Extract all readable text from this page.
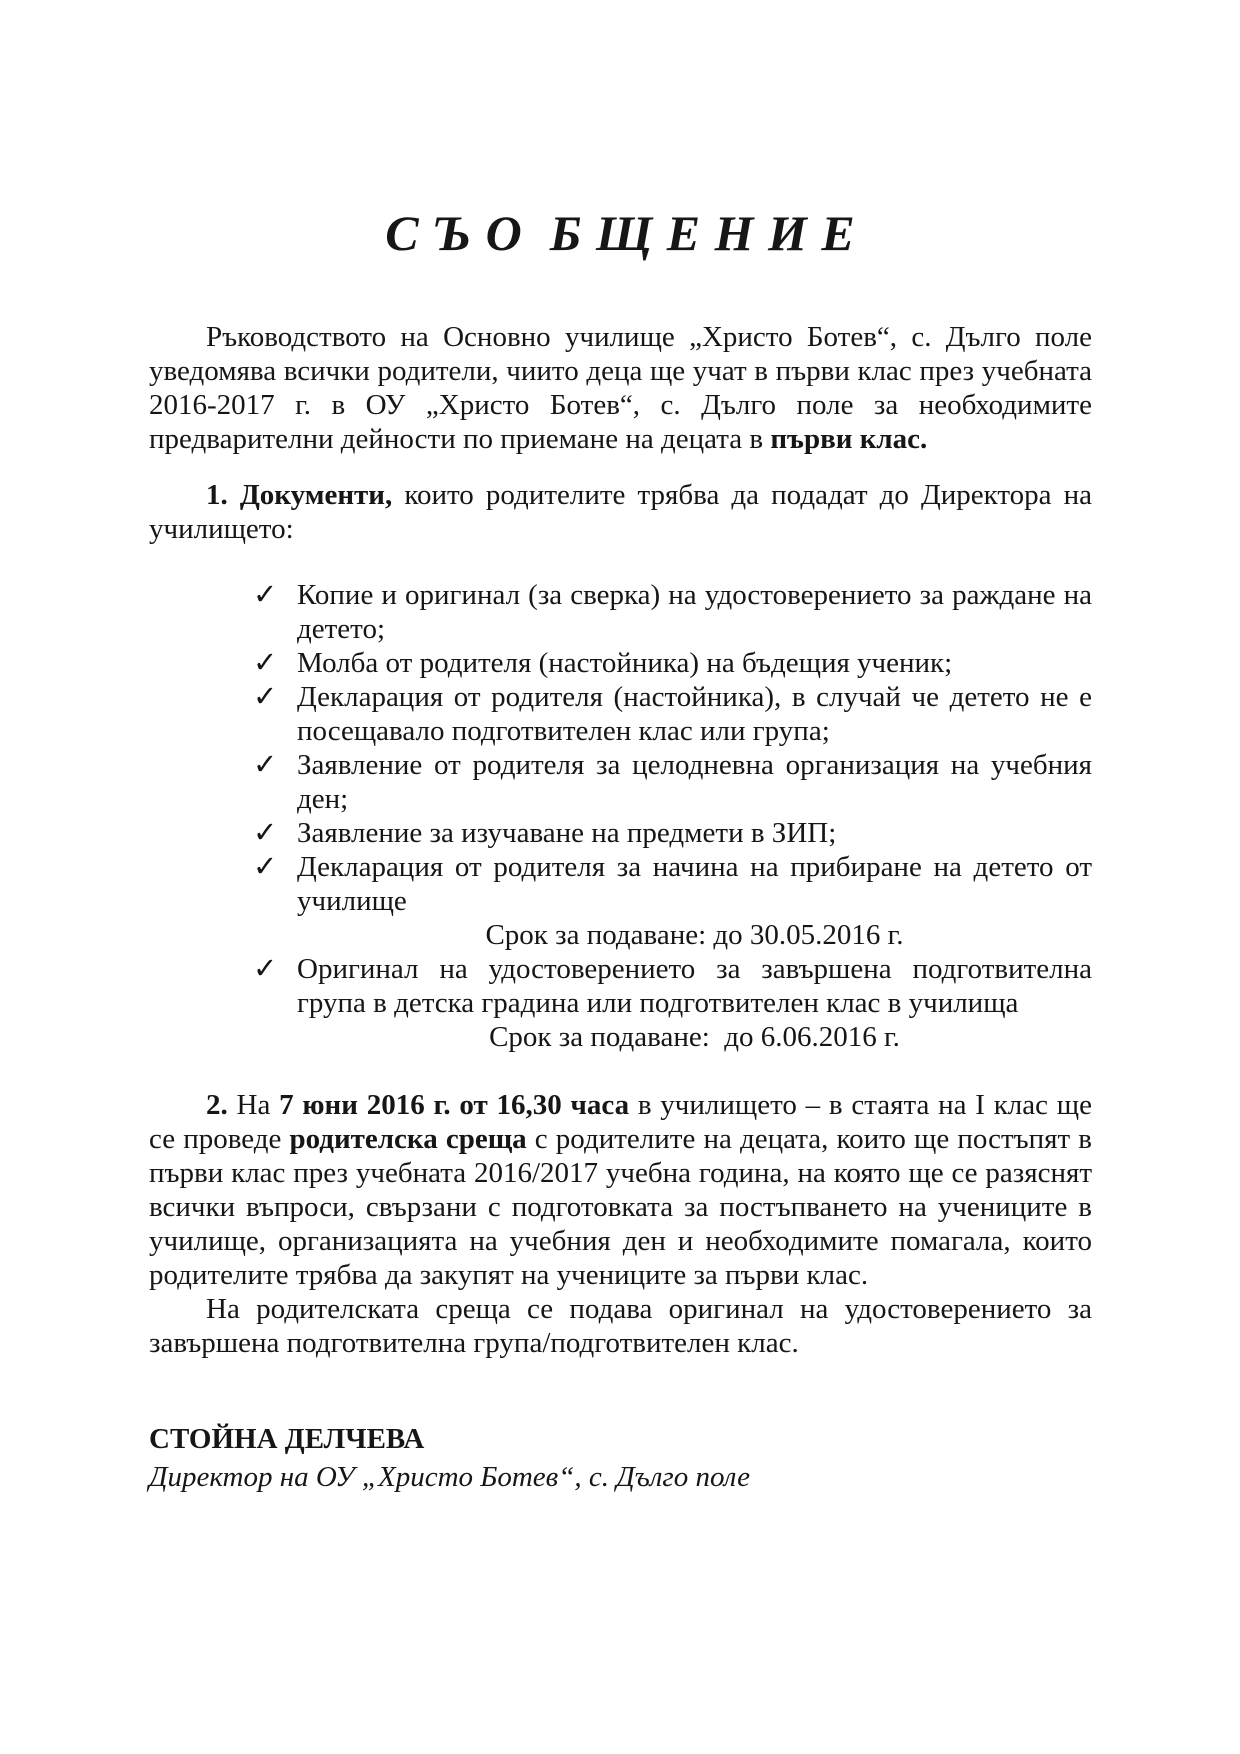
С Ъ О  Б Щ Е Н И Е

Ръководството на Основно училище „Христо Ботев“, с. Дълго поле уведомява всички родители, чиито деца ще учат в първи клас през учебната 2016-2017 г. в ОУ „Христо Ботев“, с. Дълго поле за необходимите предварителни дейности по приемане на децата в първи клас.

1. Документи, които родителите трябва да подадат до Директора на училището:

✓ Копие и оригинал (за сверка) на удостоверението за раждане на детето;
✓ Молба от родителя (настойника) на бъдещия ученик;
✓ Декларация от родителя (настойника), в случай че детето не е посещавало подготвителен клас или група;
✓ Заявление от родителя за целодневна организация на учебния ден;
✓ Заявление за изучаване на предмети в ЗИП;
✓ Декларация от родителя за начина на прибиране на детето от училище
Срок за подаване: до 30.05.2016 г.
✓ Оригинал на удостоверението за завършена подготвителна група в детска градина или подготвителен клас в училища
Срок за подаване:  до 6.06.2016 г.

2. На 7 юни 2016 г. от 16,30 часа в училището – в стаята на I клас ще се проведе родителска среща с родителите на децата, които ще постъпят в първи клас през учебната 2016/2017 учебна година, на която ще се разяснят всички въпроси, свързани с подготовката за постъпването на учениците в училище, организацията на учебния ден и необходимите помагала, които родителите трябва да закупят на учениците за първи клас.

На родителската среща се подава оригинал на удостоверението за завършена подготвителна група/подготвителен клас.

СТОЙНА ДЕЛЧЕВА
Директор на ОУ „Христо Ботев“, с. Дълго поле
